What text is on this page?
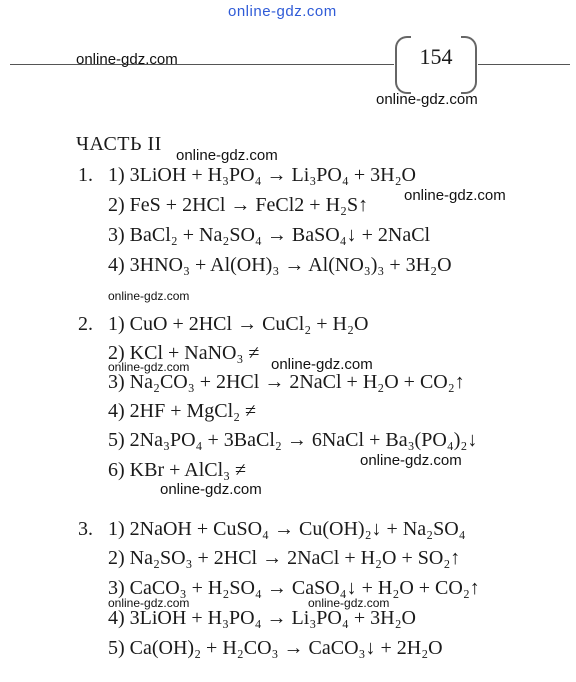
online-gdz.com
154
ЧАСТЬ II
1. 1) 3LiOH + H₃PO₄ → Li₃PO₄ + 3H₂O
2) FeS + 2HCl → FeCl2 + H₂S↑
3) BaCl₂ + Na₂SO₄ → BaSO₄↓ + 2NaCl
4) 3HNO₃ + Al(OH)₃ → Al(NO₃)₃ + 3H₂O
2. 1) CuO + 2HCl → CuCl₂ + H₂O
2) KCl + NaNO₃ ≠
3) Na₂CO₃ + 2HCl → 2NaCl + H₂O + CO₂↑
4) 2HF + MgCl₂ ≠
5) 2Na₃PO₄ + 3BaCl₂ → 6NaCl + Ba₃(PO₄)₂↓
6) KBr + AlCl₃ ≠
3. 1) 2NaOH + CuSO₄ → Cu(OH)₂↓ + Na₂SO₄
2) Na₂SO₃ + 2HCl → 2NaCl + H₂O + SO₂↑
3) CaCO₃ + H₂SO₄ → CaSO₄↓ + H₂O + CO₂↑
4) 3LiOH + H₃PO₄ → Li₃PO₄ + 3H₂O
5) Ca(OH)₂ + H₂CO₃ → CaCO₃↓ + 2H₂O
online-gdz.com
online-gdz.com
online-gdz.com
online-gdz.com
online-gdz.com
online-gdz.com	online-gdz.com
online-gdz.com
online-gdz.com
online-gdz.com	online-gdz.com
